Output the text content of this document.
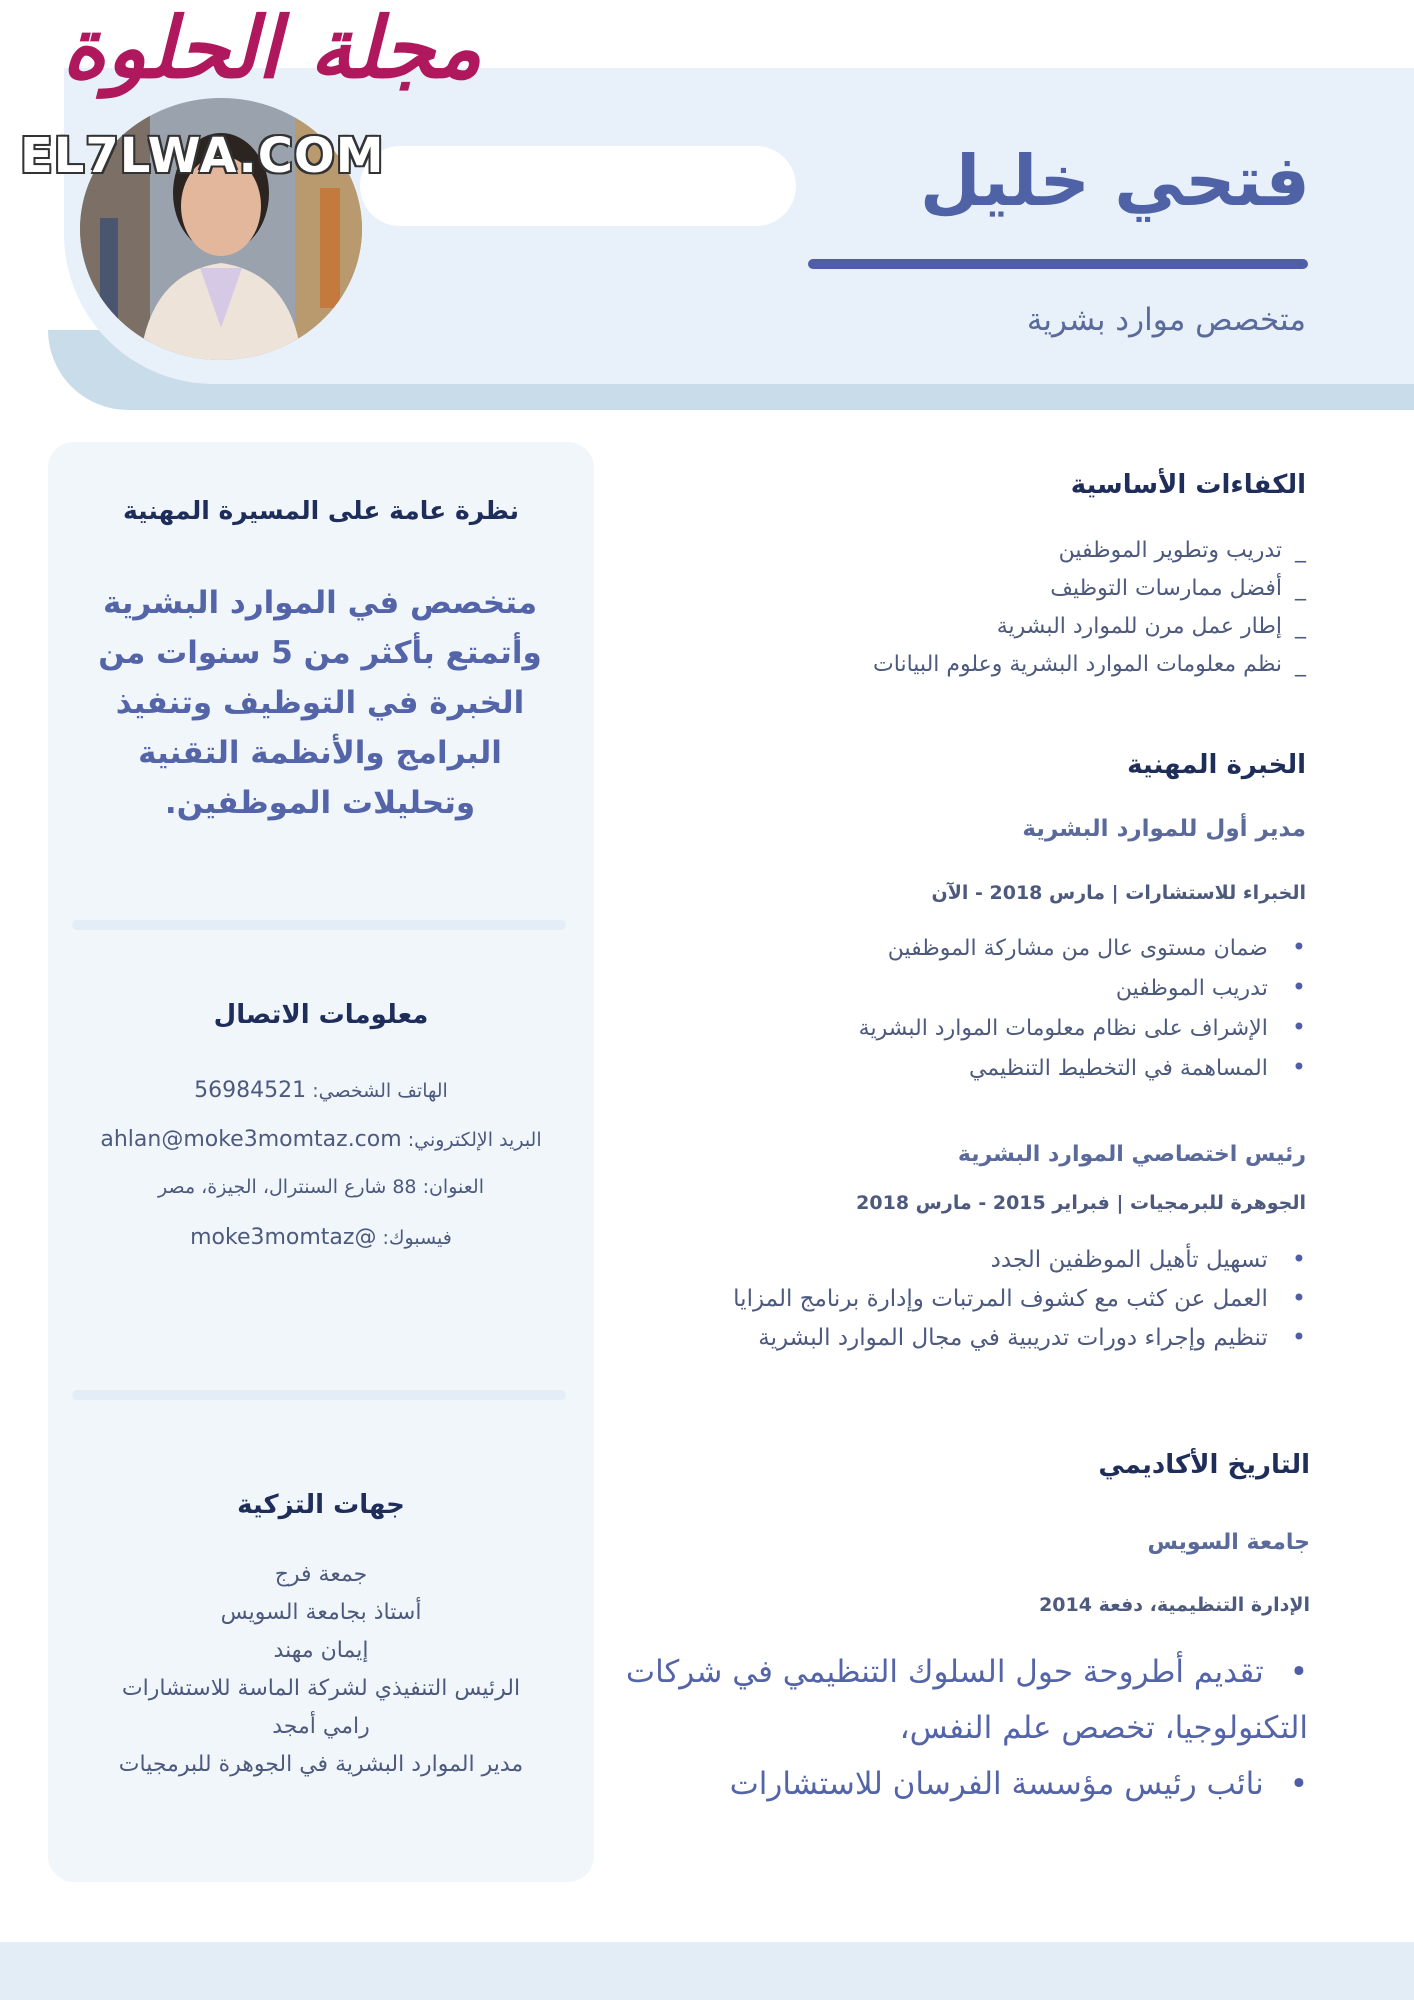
مجلة الحلوة
EL7LWA.COM	فتحي خليل
متخصص موارد بشرية
نظرة عامة على المسيرة المهنية
متخصص في الموارد البشرية وأتمتع بأكثر من 5 سنوات من الخبرة في التوظيف وتنفيذ البرامج والأنظمة التقنية وتحليلات الموظفين.
معلومات الاتصال
الهاتف الشخصي: 56984521
البريد الإلكتروني: ahlan@moke3momtaz.com
العنوان: 88 شارع السنترال، الجيزة، مصر
فيسبوك: @moke3momtaz
جهات التزكية
جمعة فرج
أستاذ بجامعة السويس
إيمان مهند
الرئيس التنفيذي لشركة الماسة للاستشارات
رامي أمجد
مدير الموارد البشرية في الجوهرة للبرمجيات
الكفاءات الأساسية
_ تدريب وتطوير الموظفين
_ أفضل ممارسات التوظيف
_ إطار عمل مرن للموارد البشرية
_ نظم معلومات الموارد البشرية وعلوم البيانات
الخبرة المهنية
مدير أول للموارد البشرية
الخبراء للاستشارات | مارس 2018 - الآن
• ضمان مستوى عال من مشاركة الموظفين
• تدريب الموظفين
• الإشراف على نظام معلومات الموارد البشرية
• المساهمة في التخطيط التنظيمي
رئيس اختصاصي الموارد البشرية
الجوهرة للبرمجيات | فبراير 2015 - مارس 2018
• تسهيل تأهيل الموظفين الجدد
• العمل عن كثب مع كشوف المرتبات وإدارة برنامج المزايا
• تنظيم وإجراء دورات تدريبية في مجال الموارد البشرية
التاريخ الأكاديمي
جامعة السويس
الإدارة التنظيمية، دفعة 2014
• تقديم أطروحة حول السلوك التنظيمي في شركات التكنولوجيا، تخصص علم النفس،
• نائب رئيس مؤسسة الفرسان للاستشارات
